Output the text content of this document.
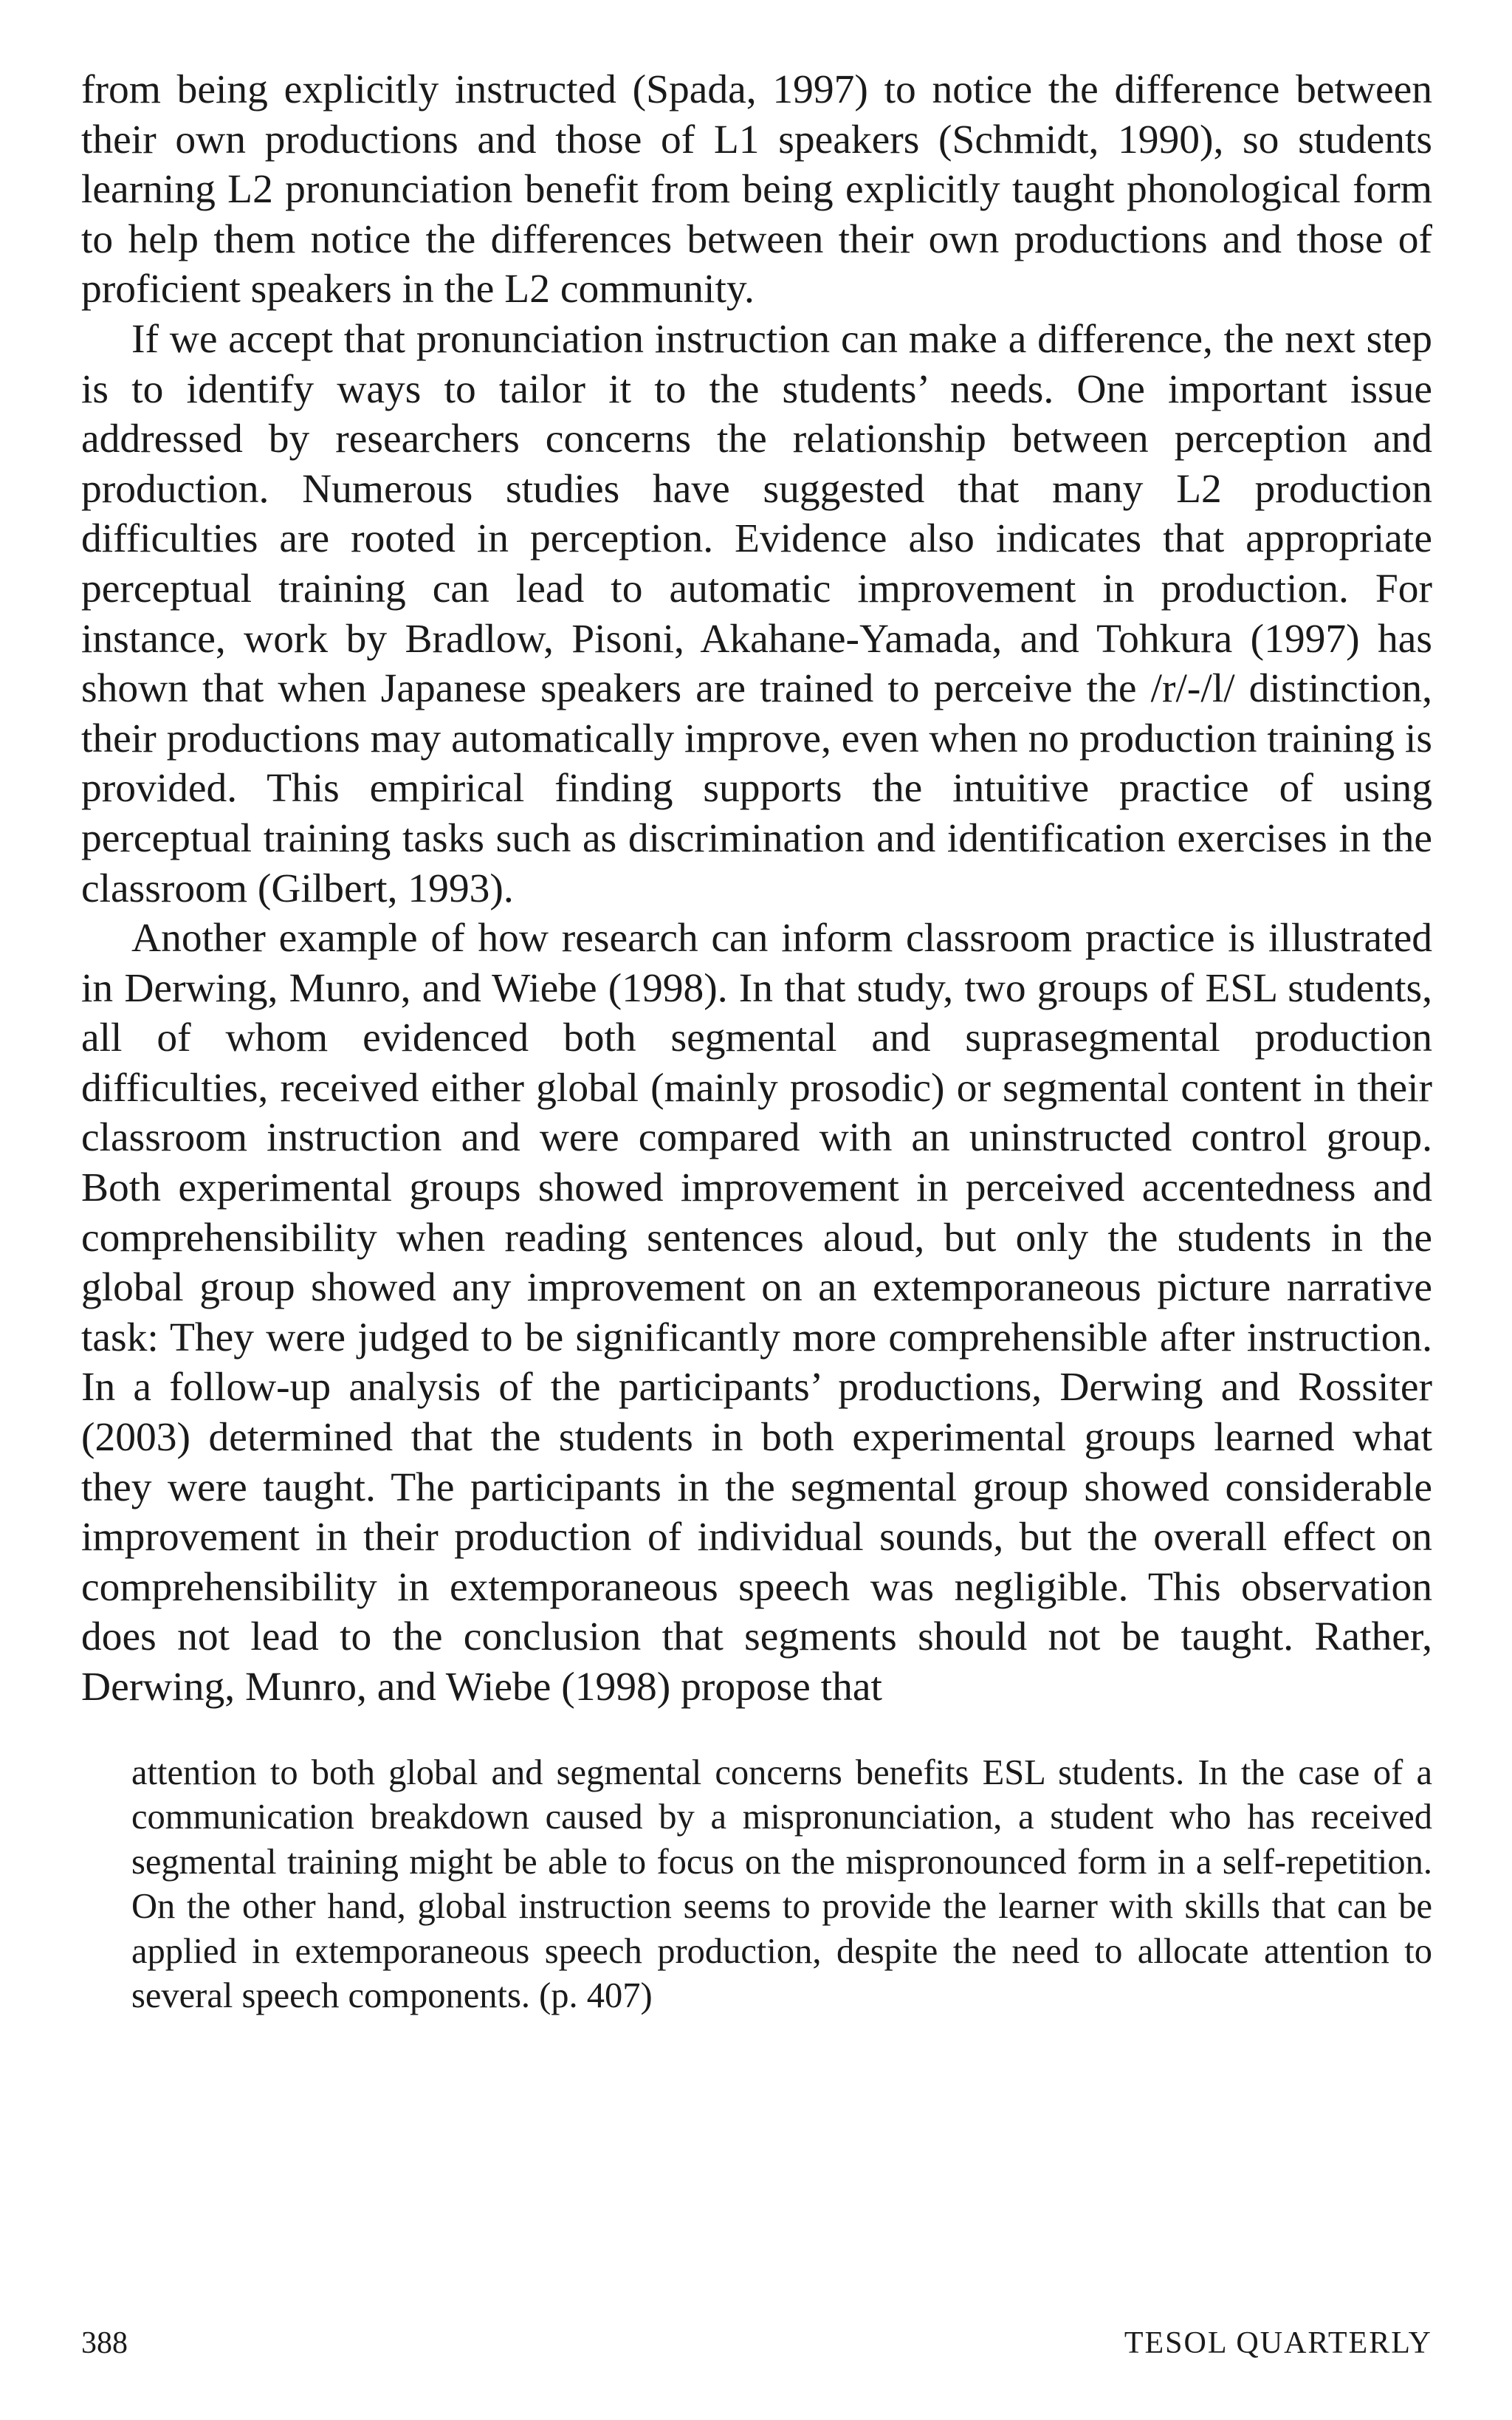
from being explicitly instructed (Spada, 1997) to notice the difference between their own productions and those of L1 speakers (Schmidt, 1990), so students learning L2 pronunciation benefit from being explicitly taught phonological form to help them notice the differences between their own productions and those of proficient speakers in the L2 community.

If we accept that pronunciation instruction can make a difference, the next step is to identify ways to tailor it to the students’ needs. One important issue addressed by researchers concerns the relationship between perception and production. Numerous studies have suggested that many L2 production difficulties are rooted in perception. Evidence also indicates that appropriate perceptual training can lead to automatic improvement in production. For instance, work by Bradlow, Pisoni, Akahane-Yamada, and Tohkura (1997) has shown that when Japanese speakers are trained to perceive the /r/-/l/ distinction, their productions may automatically improve, even when no production training is provided. This empirical finding supports the intuitive practice of using perceptual training tasks such as discrimination and identification exercises in the classroom (Gilbert, 1993).

Another example of how research can inform classroom practice is illustrated in Derwing, Munro, and Wiebe (1998). In that study, two groups of ESL students, all of whom evidenced both segmental and suprasegmental production difficulties, received either global (mainly prosodic) or segmental content in their classroom instruction and were compared with an uninstructed control group. Both experimental groups showed improvement in perceived accentedness and comprehensibility when reading sentences aloud, but only the students in the global group showed any improvement on an extemporaneous picture narrative task: They were judged to be significantly more comprehensible after instruction. In a follow-up analysis of the participants’ productions, Derwing and Rossiter (2003) determined that the students in both experimental groups learned what they were taught. The participants in the segmental group showed considerable improvement in their production of individual sounds, but the overall effect on comprehensibility in extemporaneous speech was negligible. This observation does not lead to the conclusion that segments should not be taught. Rather, Derwing, Munro, and Wiebe (1998) propose that

attention to both global and segmental concerns benefits ESL students. In the case of a communication breakdown caused by a mispronunciation, a student who has received segmental training might be able to focus on the mispronounced form in a self-repetition. On the other hand, global instruction seems to provide the learner with skills that can be applied in extemporaneous speech production, despite the need to allocate attention to several speech components. (p. 407)
388	TESOL QUARTERLY
